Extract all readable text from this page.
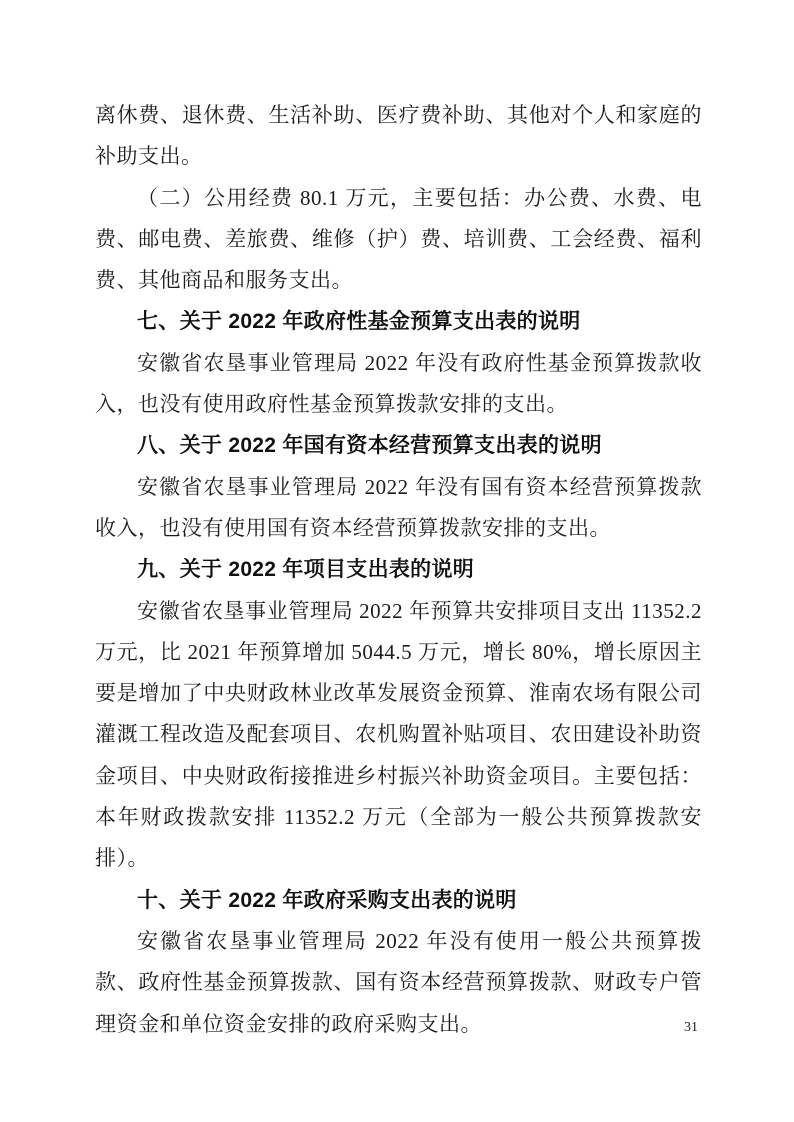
离休费、退休费、生活补助、医疗费补助、其他对个人和家庭的补助支出。

（二）公用经费 80.1 万元，主要包括：办公费、水费、电费、邮电费、差旅费、维修（护）费、培训费、工会经费、福利费、其他商品和服务支出。

七、关于 2022 年政府性基金预算支出表的说明

安徽省农垦事业管理局 2022 年没有政府性基金预算拨款收入，也没有使用政府性基金预算拨款安排的支出。

八、关于 2022 年国有资本经营预算支出表的说明

安徽省农垦事业管理局 2022 年没有国有资本经营预算拨款收入，也没有使用国有资本经营预算拨款安排的支出。

九、关于 2022 年项目支出表的说明

安徽省农垦事业管理局 2022 年预算共安排项目支出 11352.2 万元，比 2021 年预算增加 5044.5 万元，增长 80%，增长原因主要是增加了中央财政林业改革发展资金预算、淮南农场有限公司灌溉工程改造及配套项目、农机购置补贴项目、农田建设补助资金项目、中央财政衔接推进乡村振兴补助资金项目。主要包括：本年财政拨款安排 11352.2 万元（全部为一般公共预算拨款安排）。

十、关于 2022 年政府采购支出表的说明

安徽省农垦事业管理局 2022 年没有使用一般公共预算拨款、政府性基金预算拨款、国有资本经营预算拨款、财政专户管理资金和单位资金安排的政府采购支出。	31
